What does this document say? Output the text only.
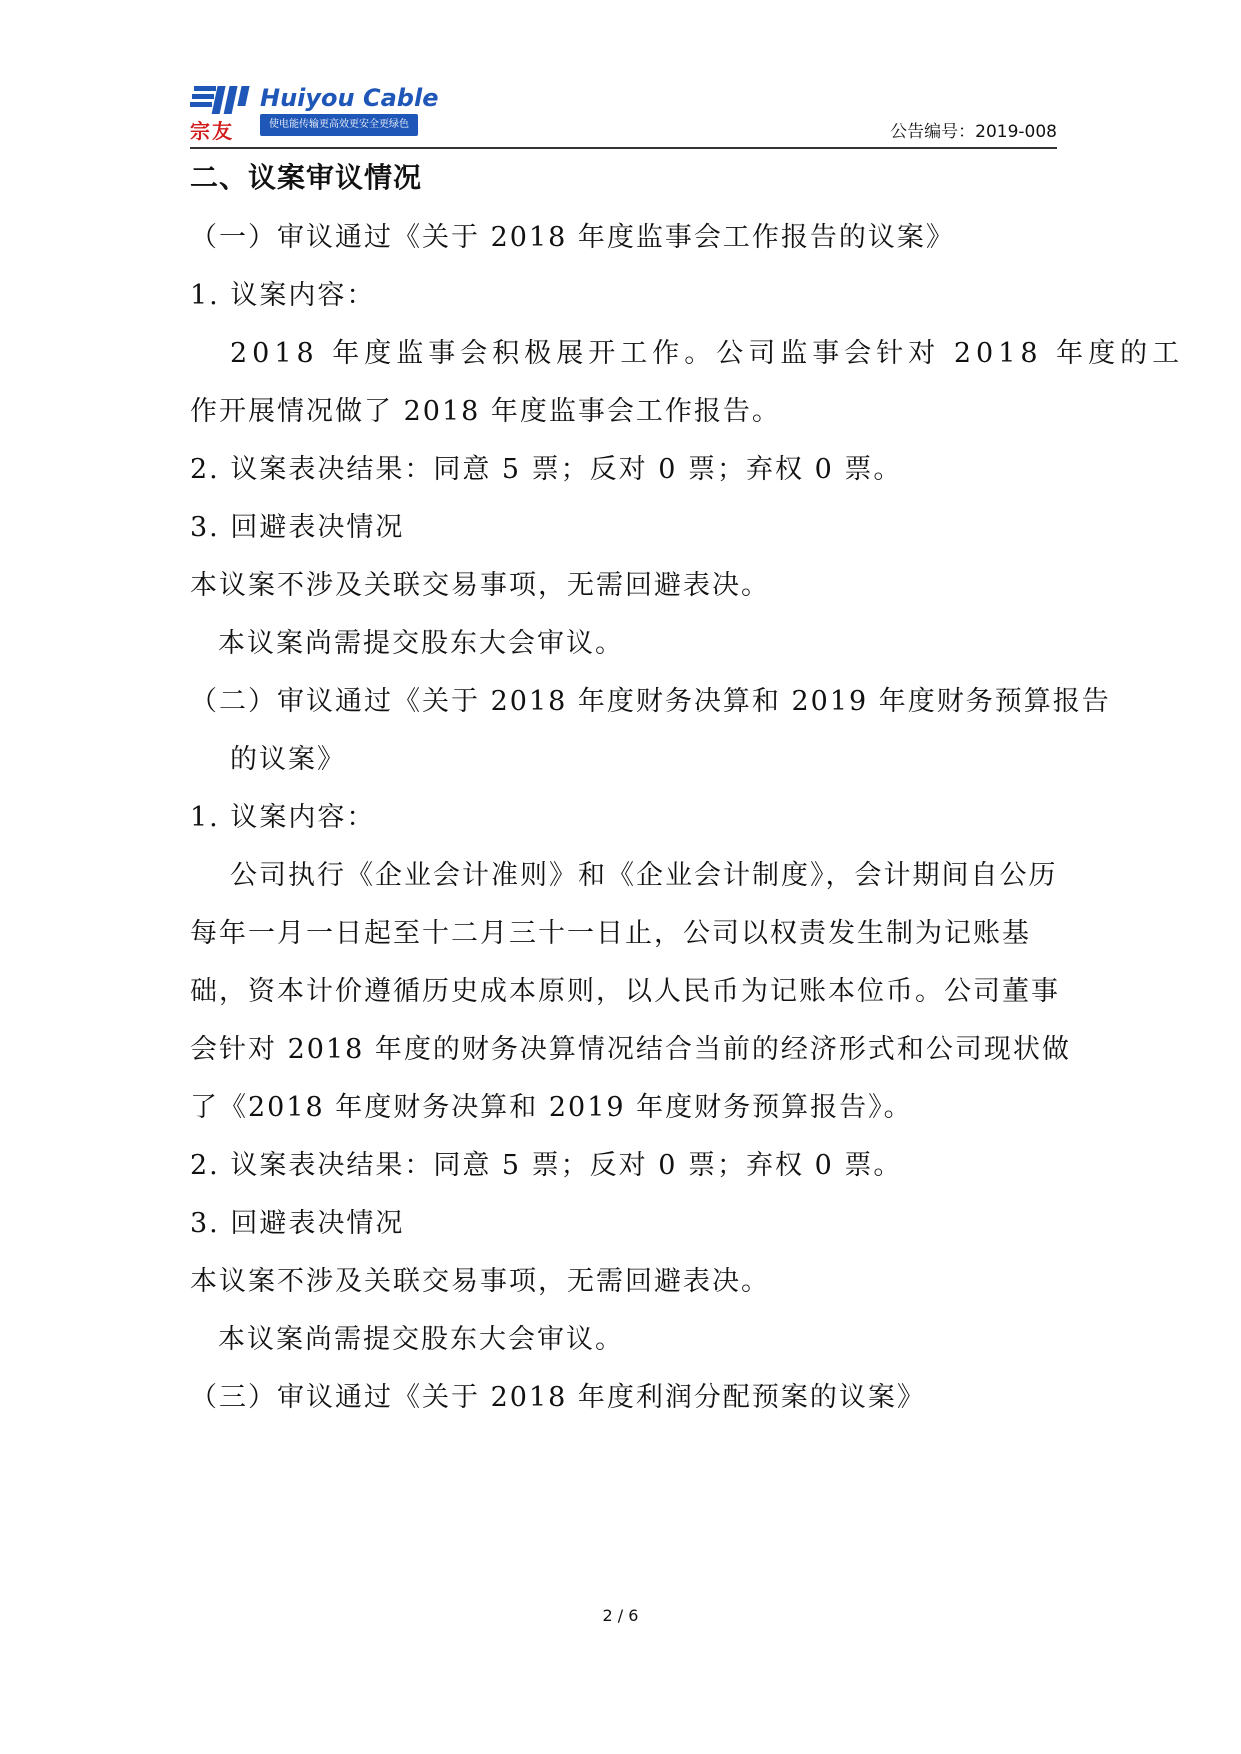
宗友
Huiyou Cable
使电能传输更高效更安全更绿色	公告编号：2019-008
二、议案审议情况
（一）审议通过《关于 2018 年度监事会工作报告的议案》
1. 议案内容：
2018 年度监事会积极展开工作。公司监事会针对 2018 年度的工
作开展情况做了 2018 年度监事会工作报告。
2. 议案表决结果：同意 5 票；反对 0 票；弃权 0 票。
3. 回避表决情况
本议案不涉及关联交易事项，无需回避表决。
本议案尚需提交股东大会审议。
（二）审议通过《关于 2018 年度财务决算和 2019 年度财务预算报告
的议案》
1. 议案内容：
公司执行《企业会计准则》和《企业会计制度》，会计期间自公历
每年一月一日起至十二月三十一日止，公司以权责发生制为记账基
础，资本计价遵循历史成本原则，以人民币为记账本位币。公司董事
会针对 2018 年度的财务决算情况结合当前的经济形式和公司现状做
了《2018 年度财务决算和 2019 年度财务预算报告》。
2. 议案表决结果：同意 5 票；反对 0 票；弃权 0 票。
3. 回避表决情况
本议案不涉及关联交易事项，无需回避表决。
本议案尚需提交股东大会审议。
（三）审议通过《关于 2018 年度利润分配预案的议案》
2 / 6
